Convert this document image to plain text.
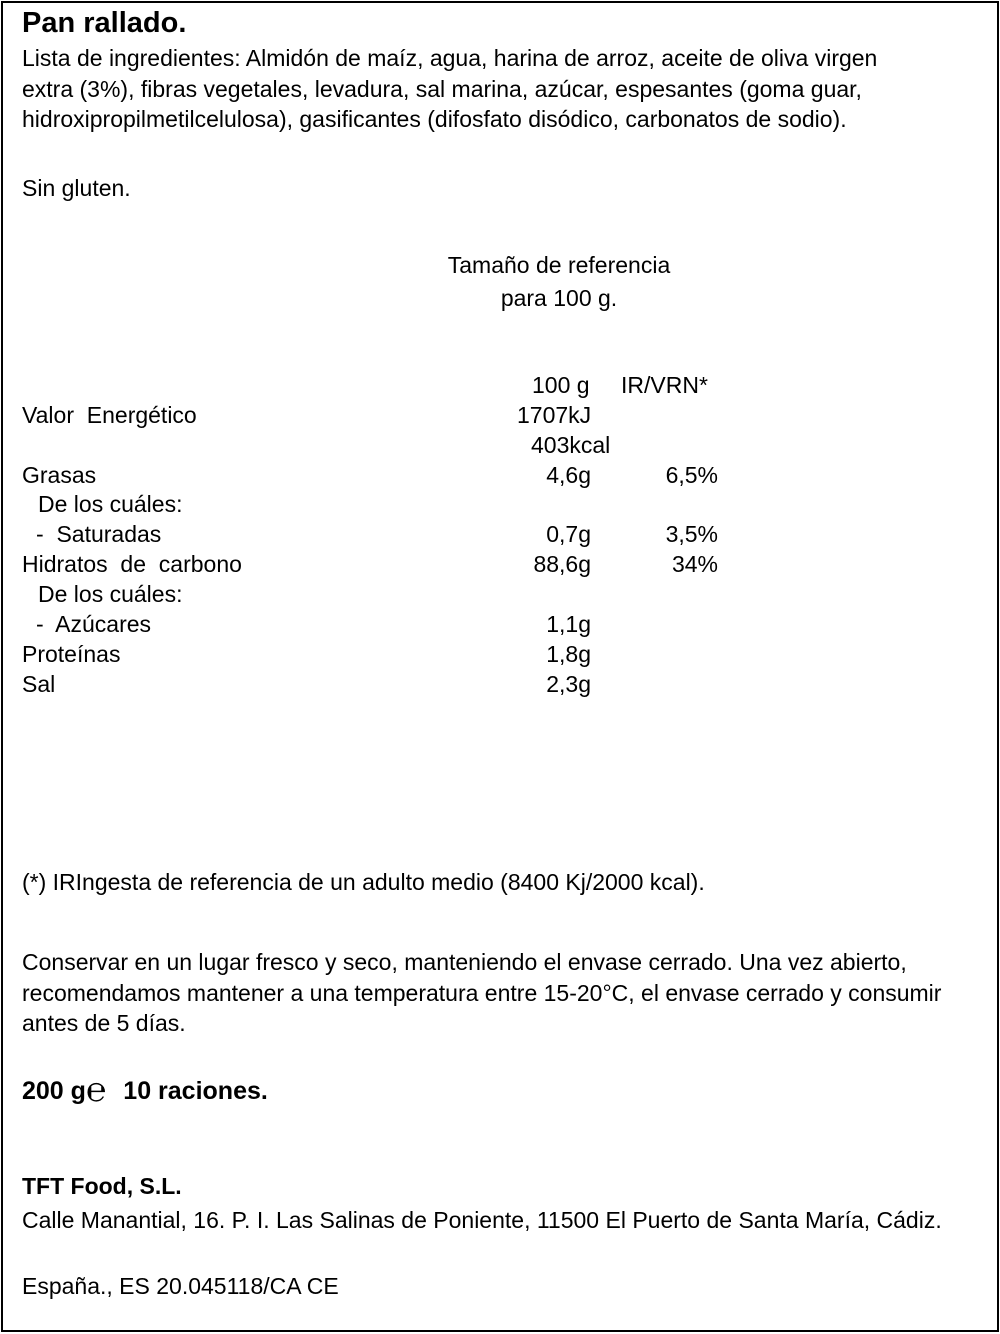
Pan rallado.
Lista de ingredientes: Almidón de maíz, agua, harina de arroz, aceite de oliva virgen extra (3%), fibras vegetales, levadura, sal marina, azúcar, espesantes (goma guar, hidroxipropilmetilcelulosa), gasificantes (difosfato disódico, carbonatos de sodio).
Sin gluten.
Tamaño de referencia
para 100 g.
100 g IR/VRN*
Valor  Energético	1707kJ
403kcal
Grasas	4,6g	6,5%
De los cuáles:
-  Saturadas	0,7g	3,5%
Hidratos  de  carbono	88,6g	34%
De los cuáles:
-  Azúcares	1,1g
Proteínas	1,8g
Sal	2,3g
(*) IRIngesta de referencia de un adulto medio (8400 Kj/2000 kcal).
Conservar en un lugar fresco y seco, manteniendo el envase cerrado. Una vez abierto, recomendamos mantener a una temperatura entre 15-20°C, el envase cerrado y consumir antes de 5 días.
200 g℮ 10 raciones.
TFT Food, S.L.
Calle Manantial, 16. P. I. Las Salinas de Poniente, 11500 El Puerto de Santa María, Cádiz.
España., ES 20.045118/CA CE
